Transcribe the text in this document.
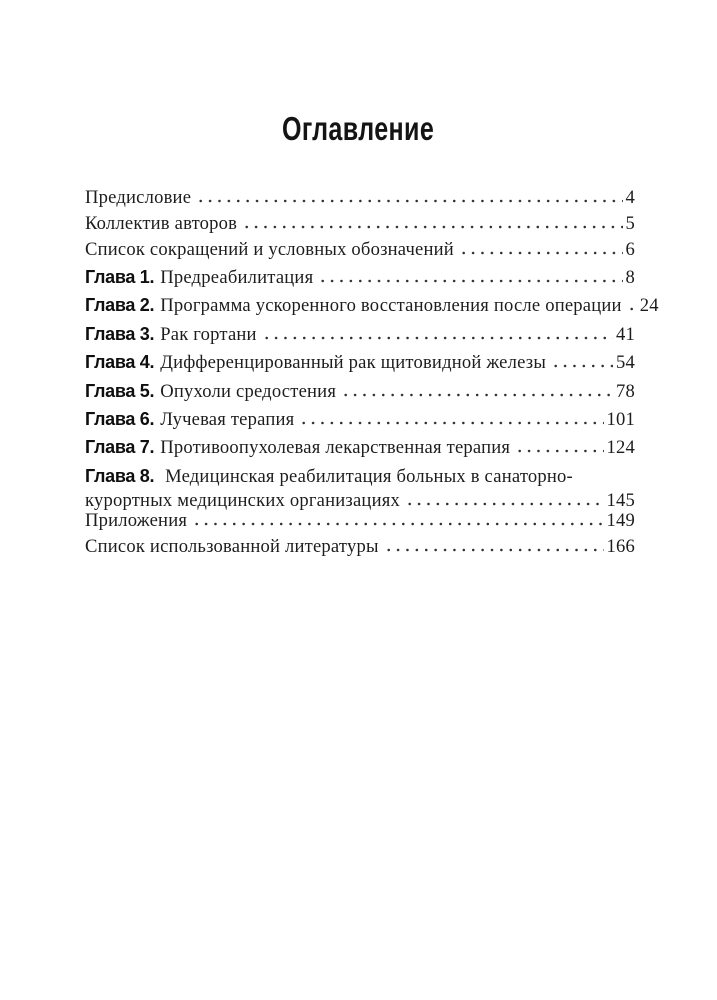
Оглавление
Предисловие	4
Коллектив авторов	5
Список сокращений и условных обозначений	6
Глава 1. Предреабилитация	8
Глава 2. Программа ускоренного восстановления после операции 24
Глава 3. Рак гортани	41
Глава 4. Дифференцированный рак щитовидной железы	54
Глава 5. Опухоли средостения	78
Глава 6. Лучевая терапия	101
Глава 7. Противоопухолевая лекарственная терапия	124
Глава 8. Медицинская реабилитация больных в санаторно-
курортных медицинских организациях	145
Приложения	149
Список использованной литературы	166
